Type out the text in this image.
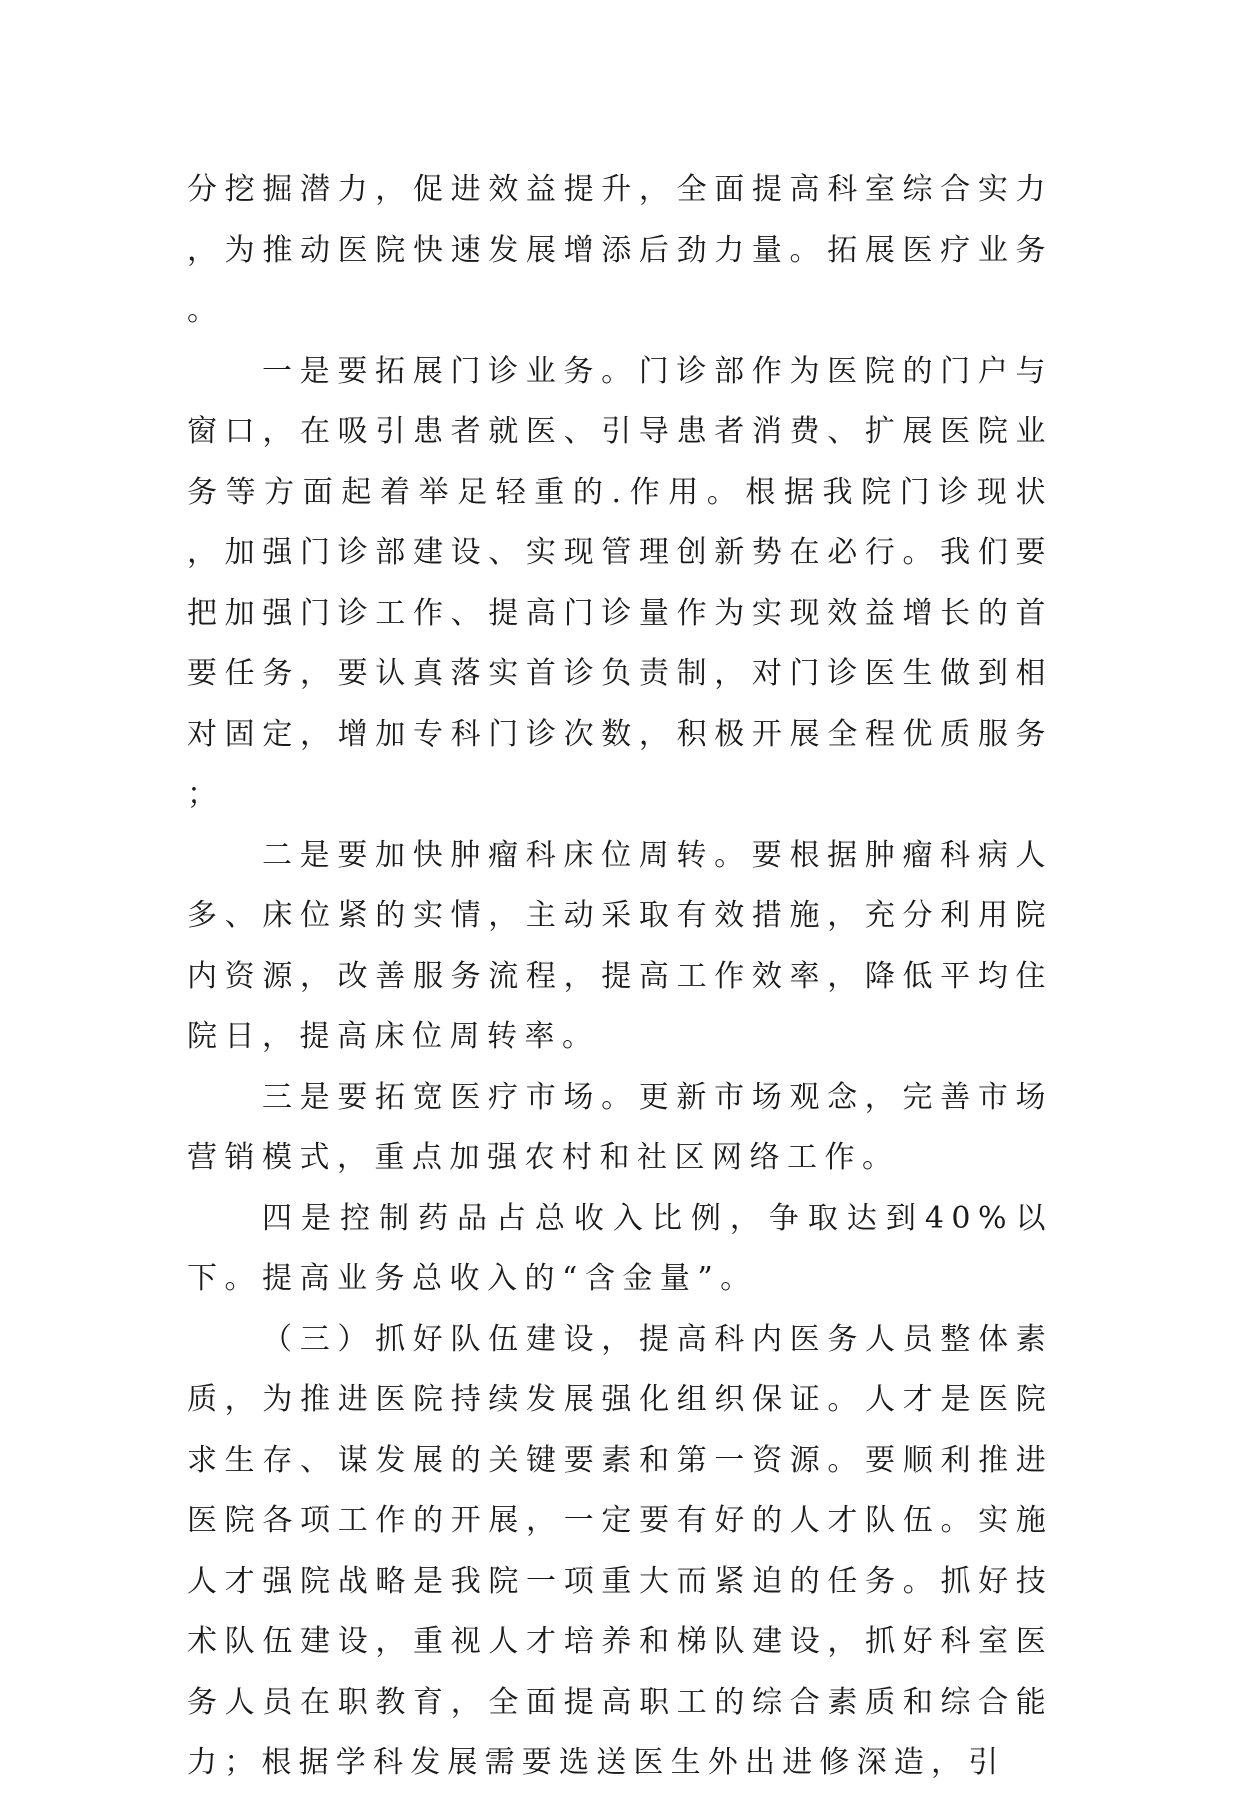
分挖掘潜力，促进效益提升，全面提高科室综合实力，为推动医院快速发展增添后劲力量。拓展医疗业务。

一是要拓展门诊业务。门诊部作为医院的门户与窗口，在吸引患者就医、引导患者消费、扩展医院业务等方面起着举足轻重的.作用。根据我院门诊现状，加强门诊部建设、实现管理创新势在必行。我们要把加强门诊工作、提高门诊量作为实现效益增长的首要任务，要认真落实首诊负责制，对门诊医生做到相对固定，增加专科门诊次数，积极开展全程优质服务；

二是要加快肿瘤科床位周转。要根据肿瘤科病人多、床位紧的实情，主动采取有效措施，充分利用院内资源，改善服务流程，提高工作效率，降低平均住院日，提高床位周转率。

三是要拓宽医疗市场。更新市场观念，完善市场营销模式，重点加强农村和社区网络工作。

四是控制药品占总收入比例，争取达到40%以下。提高业务总收入的“含金量”。

（三）抓好队伍建设，提高科内医务人员整体素质，为推进医院持续发展强化组织保证。人才是医院求生存、谋发展的关键要素和第一资源。要顺利推进医院各项工作的开展，一定要有好的人才队伍。实施人才强院战略是我院一项重大而紧迫的任务。抓好技术队伍建设，重视人才培养和梯队建设，抓好科室医务人员在职教育，全面提高职工的综合素质和综合能力；根据学科发展需要选送医生外出进修深造，引
